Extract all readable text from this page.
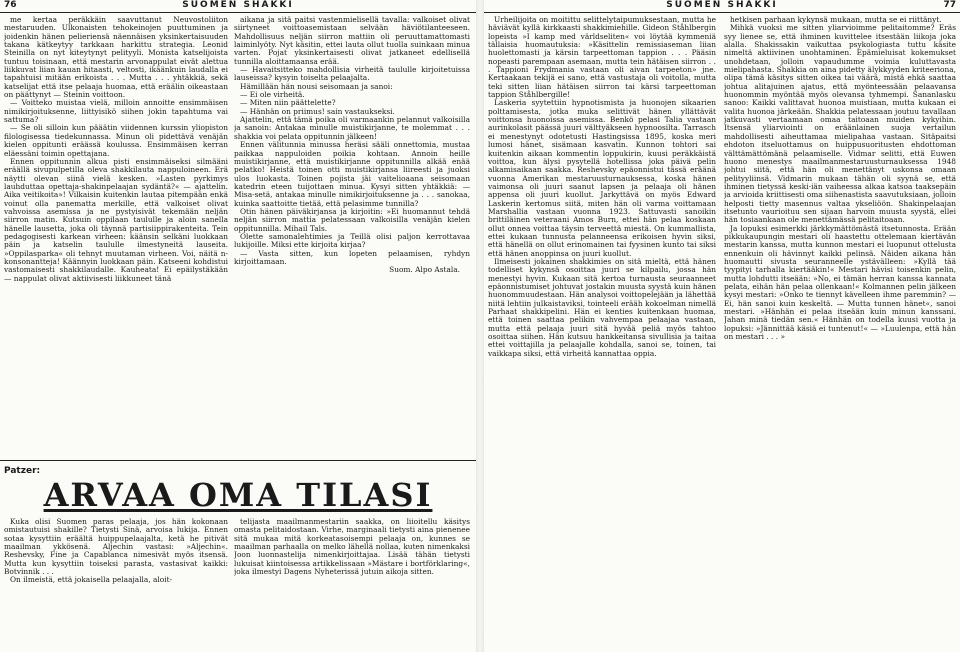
76	SUOMEN SHAKKI

me kertaa peräkkäin saavuttanut Neuvostoliiton mestaruuden. Ulkonaisten tehokeinojen puuttuminen ja joidenkin hänen pelieriensä näennäisen yksinkertaisuuden takana kätkeytyy tarkkaan harkittu strategia. Leonid Steinilla on nyt kiteytynyt pelityyli. Monista katselijoista tuntuu toisinaan, että mestarin arvonappulat eivät alettua liikkuvat liian kauan hitaasti, veltosti, ikäänkuin laudalla ei tapahtuisi mitään erikoista . . . Mutta . . . yhtäkkiä, sekä katselijat että itse pelaaja huomaa, että eräälin oikeastaan on päättynyt — Steinin voittoon.

— Voitteko muistaa vielä, milloin annoitte ensimmäisen nimikirjoituksenne, liittyisikö siihen jokin tapahtuma vai sattuma?

— Se oli silloin kun pääätin viidennen kurssin yliopiston filologisessa tiedekunnassa. Minun oli pidettävä venäjän kielen oppitunti eräässä koulussa. Ensimmäisen kerran eläessäni toimin opettajana.

Ennen oppitunnin alkua pisti ensimmäiseksi silmääni eräällä sivupulpetilla oleva shakkilauta nappuloineen. Erä näytti olevan siinä vielä kesken. »Lasten pyrkimys lauhduttaa opettaja-shakinpelaajan sydäntä?« — ajattelin. Aika veitikoita»! Vilkaisin kuitenkin lautaa pitempään enkä voinut olla panematta merkille, että valkoiset olivat vahvoissa asemissa ja ne pystyisivät tekemään neljän siirron matin. Kutsuin oppilaan taululle ja aloin sanella hänelle lausetta, joka oli täynnä partisiippirakenteita. Tein pedagogisesti karkean virheen: käänsin selkäni luokkaan päin ja katselin taululle ilmestyneitä lauseita. »Oppilasparka« oli tehnyt muutaman virheen. Voi, näitä n-konsonantteja! Käännyin luokkaan päin. Katseeni kohdistui vastomaisesti shakkilaudalle. Kauheata! Ei epäilystäkään — nappulat olivat aktiivisesti liikkuneet tänä

aikana ja sitä paitsi vastenmielisellä tavalla: valkoiset olivat siirtyneet voittoasemistaan selvään häviötilanteeseen. Mahdollisuus neljän siirron mattiin oli peruuttamattomasti laiminlyöty. Nyt käsitin, ettei lauta ollut tuolla suinkaan minua varten. Pojat yksinkertaisesti olivat jatkaneet edellisellä tunnilla aloittamaansa erää.

— Havaitsitteko mahdollisia virheitä taululle kirjoitetuissa lauseissa? kysyin toiselta pelaajalta.

Hämillään hän nousi seisomaan ja sanoi:

— Ei ole virheitä.

— Miten niin päättelette?

— Hänhän on priimus! sain vastaukseksi.

Ajattelin, että tämä poika oli varmaankin pelannut valkoisilla ja sanoin: Antakaa minulle muistikirjanne, te molemmat . . . shakkia voi pelata oppitunnin jälkeen!

Ennen välitunnia minussa heräsi sääli onnettomia, mustaa paikkaa nappuloiden poikia kohtaan. Annoin heille muistikirjanne, että muistikirjanne oppitunnilla alkää enää pelatko! Heistä toinen otti muistikirjansa liireesti ja juoksi ulos luokasta. Toinen pojista jäi vaitelioaana seisomaan katedrin eteen tuijottaen minua. Kysyi sitten yhtäkkiä: — Misa-setä, antakaa minulle nimikirjoituksenne ja . . . sanokaa, kuinka saattoitte tietää, että pelasimme tunnilla?

Otin hänen päiväkirjansa ja kirjoitin: »Ei huomannut tehdä neljän siirron mattia pelatessaan valkoisilla venäjän kielen oppitunnilla. Mihail Tals.

Olette samonalehtimies ja Teillä olisi paljon kerrottavaa lukijoille. Miksi ette kirjoita kirjaa?

— Vasta sitten, kun lopeten pelaamisen, ryhdyn kirjoittamaan.

Suom. Alpo Astala.

Patzer:
ARVAA OMA TILASI

Kuka olisi Suomen paras pelaaja, jos hän kokonaan omistautuisi shakille? Tietysti Sinä, arvoisa lukija. Ennen sotaa kysyttiin eräältä huippupelaajalta, ketä he pitivät maailman ykkösenä. Aljechin vastasi: »Aljechin«. Reshevsky, Fine ja Capablanca nimesivät myös itsensä. Mutta kun kysyttiin toiseksi parasta, vastasivat kaikki: Botvinnik . . .

On ilmeistä, että jokaisella pelaajalla, aloit-

telijasta maailmanmestariin saakka, on liioitellu käsitys omasta pelitaidostaan. Virhe, marginaali tietysti aina pienenee sitä mukaa mitä korkeatasoisempi pelaaja on, kunnes se maailman parhaalla on melko lähellä nollaa, kuten nimenkaksi Joon luonnastelija nimenkirjoittajaa. Lisää tähän tietysti lukuisat kiintoisessa artikkelissaan »Mästare i bortförklaring«, joka ilmestyi Dagens Nyheterissä jutuin aikoja sitten.

SUOMEN SHAKKI	77

Urheilijoita on moitittu selittelytaipumuksestaan, mutta he häviävät kyllä kirkkaasti shakkimiehille. Gideon Ståhlbergin lopeista »I kamp med världseliten« voi löytää kymmeniä tällaisia huomautuksia: »Käsittelin remissiaseman liian huolettomasti ja kärsin tarpeettoman tappion . . . Pääsin nopeasti parempaan asemaan, mutta tein hätäisen siirron . . . Tappioni Frydmania vastaan oli aivan tarpeeton» jne. Kertaakaan tekijä ei sano, että vastustaja oli voitolla, mutta teki sitten liian hätäisen siirron tai kärsi tarpeettoman tappion Ståhlbergille!

Laskeria syytettiin hypnotismista ja huonojen sikaarien polttamisesta, jotka muka selittivät hänen yllättävät voittonsa huonoissa asemissa. Benkö pelasi Talia vastaan aurinkolasit päässä juuri välttyäkseen hypnoosilta. Tarrasch ei menestynyt odotetusti Hastingsissa 1895, koska meri lumosi hänet, sisämaan kasvatin. Kunnon tohtori sai kuitenkin aikaan kommentin loppukirin, kuusi peräkkäistä voittoa, kun älysi pysytellä hotellissa joka päivä pelin alkamisaikaan saakka. Reshevsky epäonnistui tässä eräänä vuonna Amerikan mestaruusturnauksessa, koska hänen vaimonsa oli juuri saanut lapsen ja pelaaja oli hänen appensa oli juuri kuollut. Jarkyttävä on myös Edward Laskerin kertomus siitä, miten hän oli varma voittamaan Marshallia vastaan vuonna 1923. Sattuvasti sanoikin brittiläinen veteraani Amos Burn, ettei hän pelaa koskaan ollut onnea voittaa täysin terveettä miestä. On kummallista, ettei kukaan tunnusta pelanneensa erikoisen hyvin siksi, että hänellä on ollut erinomainen tai fyysinen kunto tai siksi että hänen anoppinsa on juuri kuollut.

Ilmeisesti jokainen shakkimies on sitä mieltä, että hänen todelliset kykynsä osoittaa juuri se kilpailu, jossa hän menestyi hyvin. Kukaan sitä kertoa turnausta seuraanneet epäonnistumiset johtuvat jostakin muusta syystä kuin hänen huonommuudestaan. Hän analysoi voittopelejään ja lähettää niitä lehtiin julkaistaviksi, tointeeli erääh kokoelman nimellä Parhaat shakkipelini. Hän ei kenties kuitenkaan huomaa, että toinen saattaa pelikin vahvempaa pelaajaa vastaan, mutta että pelaaja juuri sitä hyvää peliä myös tahtoo osoittaa siihen. Hän kutsuu hankkeitansa sivullisia ja taitaa ettei voittajilla ja pelaajalle kohdalla, sanoi se, toinen, tai vaikkapa siksi, että virheitä kannattaa oppia.

hetkisen parhaan kykynsä mukaan, mutta se ei riittänyt.

Mihkä vuoksi me sitten yliarvioimme pelitaitomme? Eräs syy lienee se, että ihminen kuvittelee itsestään liikoja joka alalla. Shakissakin vaikuttaa psykologiasta tuttu käsite nimeltä aktiivinen unohtaminen. Epämieluisat kokemukset unohdetaan, jolloin vapaudumme voimia kuluttavasta mielipahasta. Shakkia on aina pidetty älykkyyden kriteeriona, olipa tämä käsitys sitten oikea tai väärä, mistä ehkä saattaa johtua alitajuinen ajatus, että myönteessään pelaavansa huonommin myöntää myös olevansa tyhmempi. Sananlasku sanoo: Kaikki valittavat huonoa muistiaan, mutta kukaan ei valita huonoa järkeään. Shakkia pelatessaan joutuu tavallaan jatkuvasti vertaamaan omaa taitoaan muiden kykyihin. Itsensä yliarviointi on eräänlainen suoja vertailun mahdollisesti aiheuttamaa mielipahaa vastaan. Sitäpaitsi ehdoton itseluottamus on huippusuoritusten ehdottoman välttämättömänä pelaamiselle. Vidmar selitti, että Euwen huono menestys maailmanmestaruusturnauksessa 1948 johtui siitä, että hän oli menettänyt uskonsa omaan pelityyliinsä. Vidmarin mukaan tähän oli syynä se, että ihminen tietyssä keski-iän vaiheessa alkaa katsoa taaksepäin ja arvioida kriittisesti oma siihenastista saavutuksiaan, jolloin helposti tietty masennus valtaa ykseliöön. Shakinpelaajan itsetunto vaurioituu sen sijaan harvoin muusta syystä, ellei hän tosiaankaan ole menettämässä pelitaitoaan.

Ja lopuksi esimerkki järkkymättömästä itsetunnosta. Erään pikkukaupungin mestari oli haastettu ottelemaan kiertävän mestarin kanssa, mutta kunnon mestari ei luopunut ottelusta ennenkuin oli hävinnyt kaikki pelinsä. Näiden aikana hän huomautti sivusta seuranneelle ystävälleen: »Kyllä tää tyypityi tarhalla kiertääkin!« Mestari hävisi toisenkin pelin, mutta lohdutti itseään: »No, ei tämän herran kanssa kannata pelata, eihän hän pelaa ollenkaan!« Kolmannen pelin jälkeen kysyi mestari: »Onko te tiennyt kävelleen ihme paremmin? — Ei, hän sanoi kuin keskeltä. — Mutta tunnen hänet«, sanoi mestari. »Hänhän ei pelaa itseään kuin minun kanssani. Jahan minä tiedän sen.« Hänhän on todella kuusi vuotta ja lopuksi: »Jännittää käsiä ei tuntenut!« — »Luulenpa, että hän on mestari . . . »
